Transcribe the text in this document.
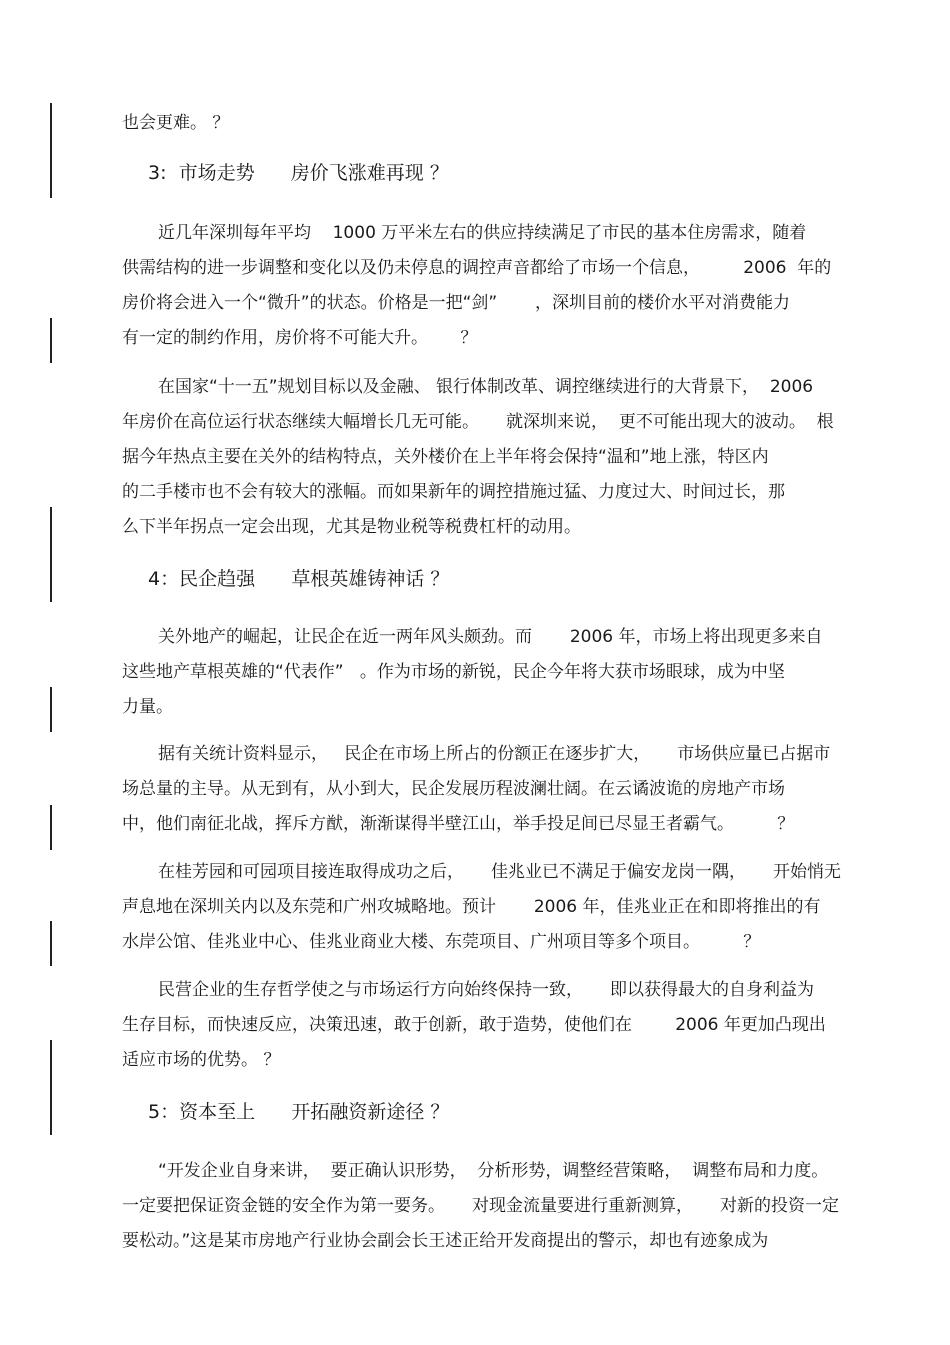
也会更难。 ？
3:  市场走势      房价飞涨难再现 ？
近几年深圳每年平均    1000 万平米左右的供应持续满足了市民的基本住房需求，随着
供需结构的进一步调整和变化以及仍未停息的调控声音都给了市场一个信息，        2006  年的
房价将会进入一个“微升”的状态。价格是一把“剑”       ，深圳目前的楼价水平对消费能力
有一定的制约作用，房价将不可能大升。      ？
在国家“十一五”规划目标以及金融、 银行体制改革、调控继续进行的大背景下，  2006
年房价在高位运行状态继续大幅增长几无可能。     就深圳来说，  更不可能出现大的波动。  根
据今年热点主要在关外的结构特点，关外楼价在上半年将会保持“温和”地上涨，特区内
的二手楼市也不会有较大的涨幅。而如果新年的调控措施过猛、力度过大、时间过长，那
么下半年拐点一定会出现，尤其是物业税等税费杠杆的动用。
4：民企趋强      草根英雄铸神话 ？
关外地产的崛起，让民企在近一两年风头颇劲。而       2006 年，市场上将出现更多来自
这些地产草根英雄的“代表作”   。作为市场的新锐，民企今年将大获市场眼球，成为中坚
力量。
据有关统计资料显示，   民企在市场上所占的份额正在逐步扩大，     市场供应量已占据市
场总量的主导。从无到有，从小到大，民企发展历程波澜壮阔。在云谲波诡的房地产市场
中，他们南征北战，挥斥方猷，渐渐谋得半壁江山，举手投足间已尽显王者霸气。        ？
在桂芳园和可园项目接连取得成功之后，     佳兆业已不满足于偏安龙岗一隅，     开始悄无
声息地在深圳关内以及东莞和广州攻城略地。预计       2006 年，佳兆业正在和即将推出的有
水岸公馆、佳兆业中心、佳兆业商业大楼、东莞项目、广州项目等多个项目。        ？
民营企业的生存哲学使之与市场运行方向始终保持一致，     即以获得最大的自身利益为
生存目标，而快速反应，决策迅速，敢于创新，敢于造势，使他们在        2006 年更加凸现出
适应市场的优势。 ？
5：资本至上      开拓融资新途径 ？
“开发企业自身来讲，  要正确认识形势，  分析形势，调整经营策略，  调整布局和力度。
一定要把保证资金链的安全作为第一要务。     对现金流量要进行重新测算，     对新的投资一定
要松动。”这是某市房地产行业协会副会长王述正给开发商提出的警示，却也有迹象成为
